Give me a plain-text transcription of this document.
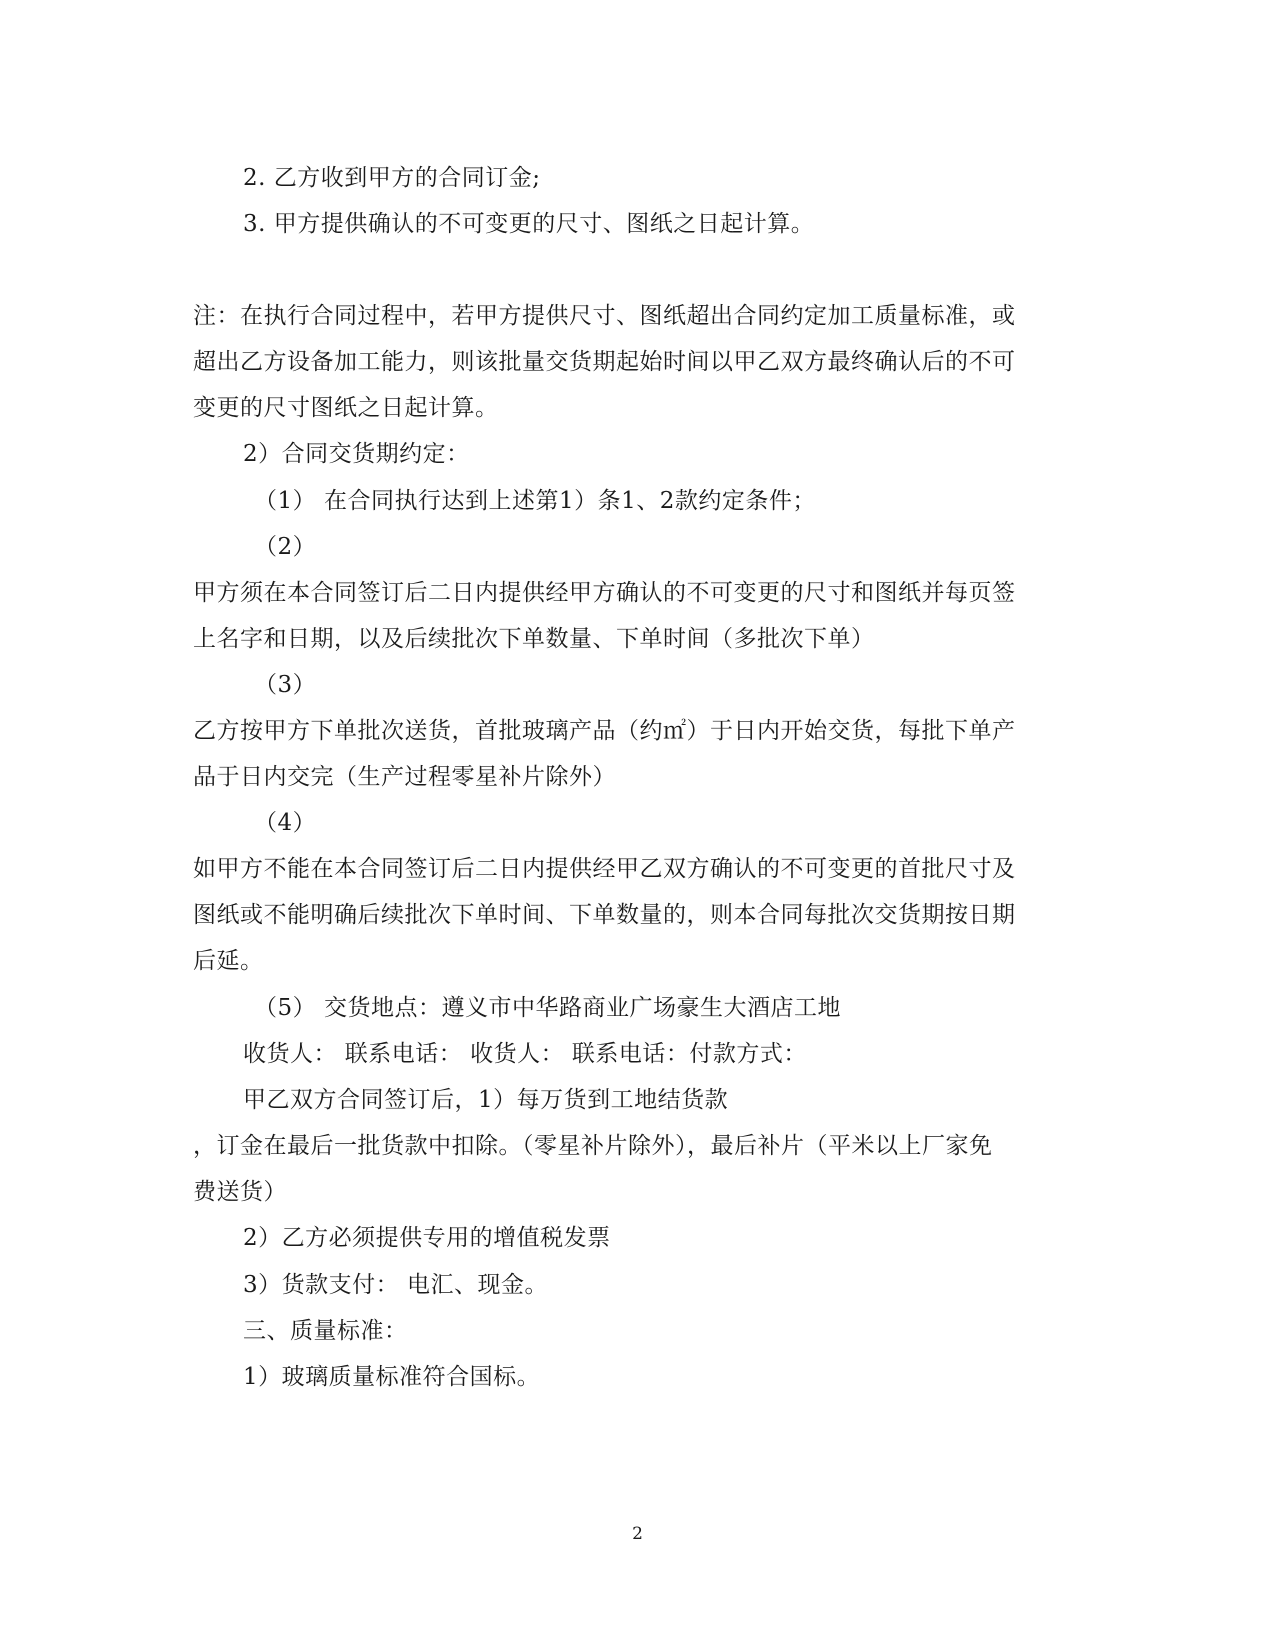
2. 乙方收到甲方的合同订金;
3. 甲方提供确认的不可变更的尺寸、图纸之日起计算。
注：在执行合同过程中，若甲方提供尺寸、图纸超出合同约定加工质量标准，或
超出乙方设备加工能力，则该批量交货期起始时间以甲乙双方最终确认后的不可
变更的尺寸图纸之日起计算。
2）合同交货期约定：
（1） 在合同执行达到上述第1）条1、2款约定条件；
（2）
甲方须在本合同签订后二日内提供经甲方确认的不可变更的尺寸和图纸并每页签
上名字和日期，以及后续批次下单数量、下单时间（多批次下单）
（3）
乙方按甲方下单批次送货，首批玻璃产品（约㎡）于日内开始交货，每批下单产
品于日内交完（生产过程零星补片除外）
（4）
如甲方不能在本合同签订后二日内提供经甲乙双方确认的不可变更的首批尺寸及
图纸或不能明确后续批次下单时间、下单数量的，则本合同每批次交货期按日期
后延。
（5） 交货地点：遵义市中华路商业广场豪生大酒店工地
收货人： 联系电话： 收货人： 联系电话：付款方式：
甲乙双方合同签订后，1）每万货到工地结货款
，订金在最后一批货款中扣除。（零星补片除外），最后补片（平米以上厂家免
费送货）
2）乙方必须提供专用的增值税发票
3）货款支付： 电汇、现金。
三、质量标准：
1）玻璃质量标准符合国标。
2
